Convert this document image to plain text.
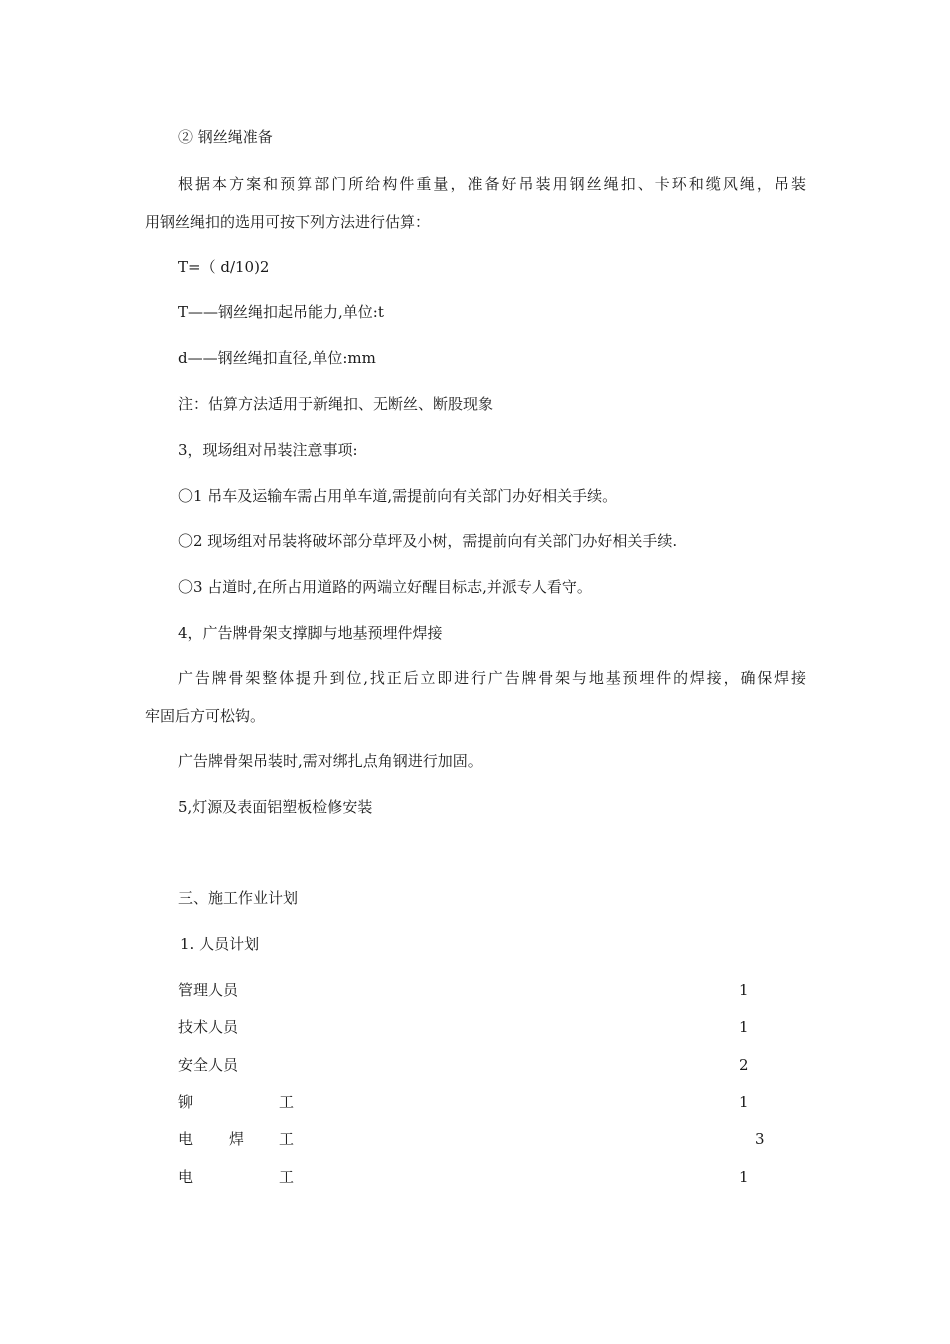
② 钢丝绳准备
根据本方案和预算部门所给构件重量，准备好吊装用钢丝绳扣、卡环和缆风绳，吊装
用钢丝绳扣的选用可按下列方法进行估算：
T=（ d/10)2
T——钢丝绳扣起吊能力,单位:t
d——钢丝绳扣直径,单位:mm
注：估算方法适用于新绳扣、无断丝、断股现象
3，现场组对吊装注意事项:
〇1 吊车及运输车需占用单车道,需提前向有关部门办好相关手续。
〇2 现场组对吊装将破坏部分草坪及小树，需提前向有关部门办好相关手续.
〇3 占道时,在所占用道路的两端立好醒目标志,并派专人看守。
4，广告牌骨架支撑脚与地基预埋件焊接
广告牌骨架整体提升到位,找正后立即进行广告牌骨架与地基预埋件的焊接，确保焊接
牢固后方可松钩。
广告牌骨架吊装时,需对绑扎点角钢进行加固。
5,灯源及表面铝塑板检修安装
三、施工作业计划
1. 人员计划
管理人员	1
技术人员	1
安全人员	2
铆	工	1
电 焊 工	3
电	工	1
